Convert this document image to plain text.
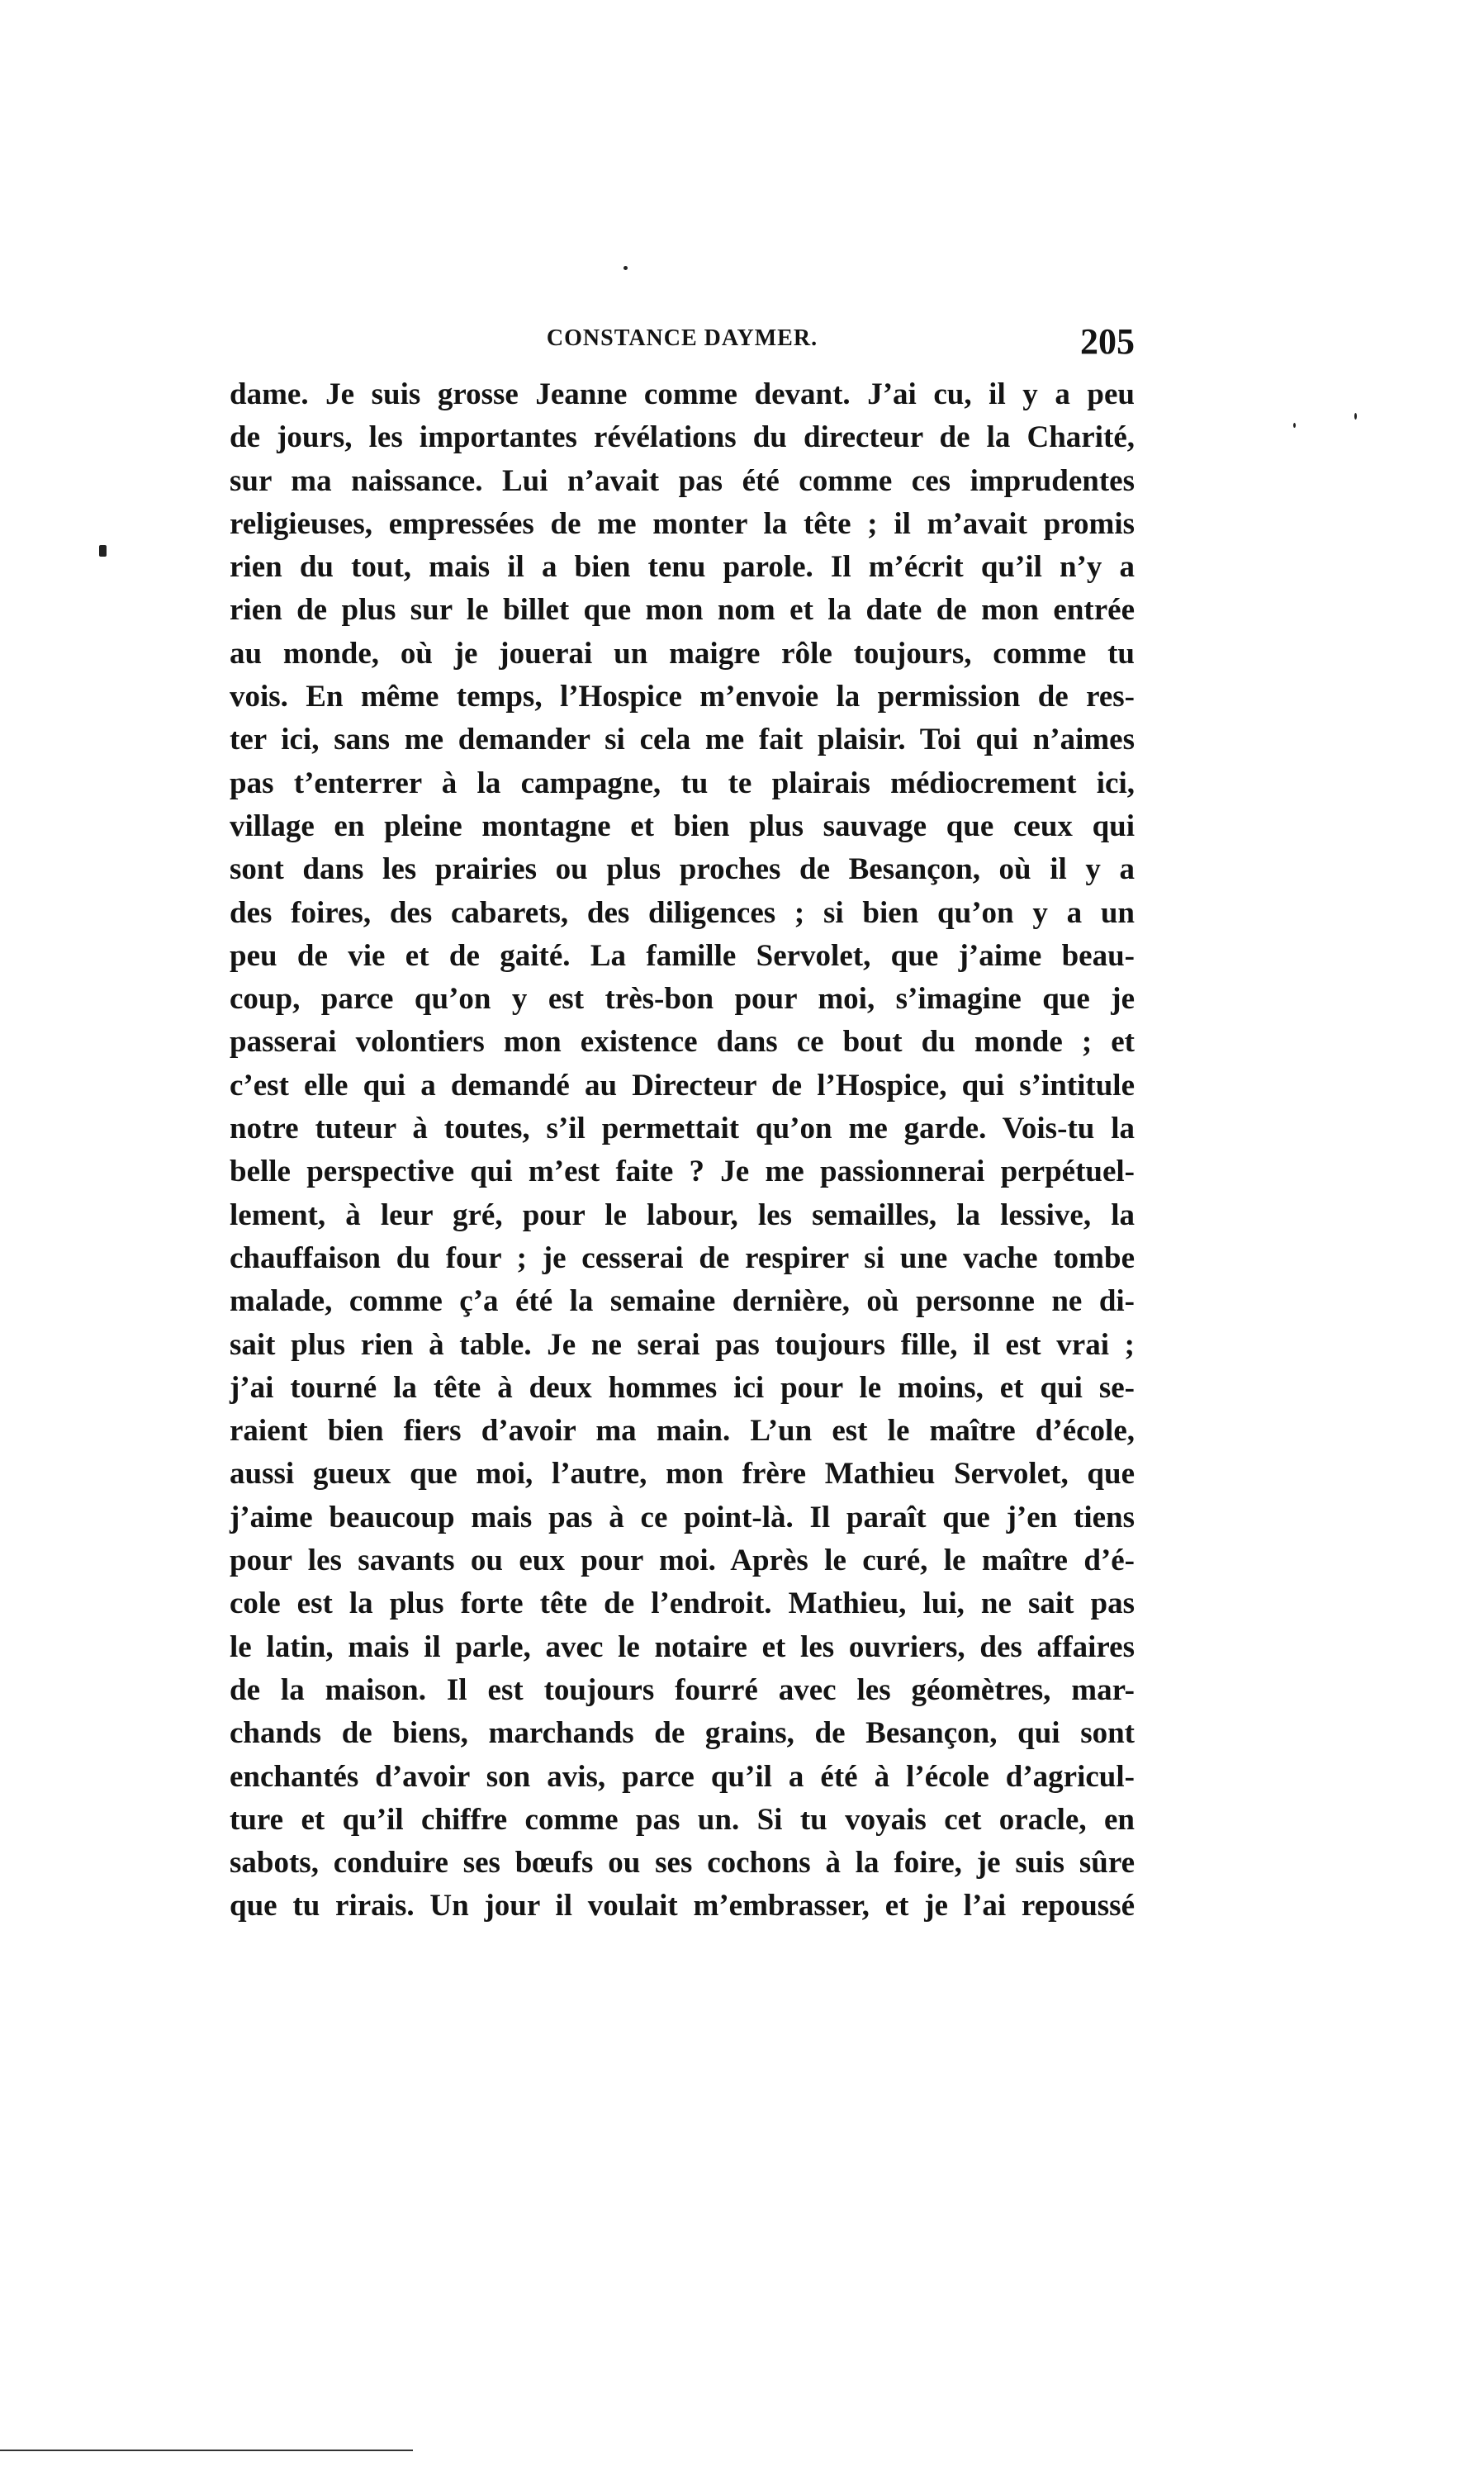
CONSTANCE DAYMER.	205
dame. Je suis grosse Jeanne comme devant. J’ai cu, il y a peu
de jours, les importantes révélations du directeur de la Charité,
sur ma naissance. Lui n’avait pas été comme ces imprudentes
religieuses, empressées de me monter la tête ; il m’avait promis
rien du tout, mais il a bien tenu parole. Il m’écrit qu’il n’y a
rien de plus sur le billet que mon nom et la date de mon entrée
au monde, où je jouerai un maigre rôle toujours, comme tu
vois. En même temps, l’Hospice m’envoie la permission de res-
ter ici, sans me demander si cela me fait plaisir. Toi qui n’aimes
pas t’enterrer à la campagne, tu te plairais médiocrement ici,
village en pleine montagne et bien plus sauvage que ceux qui
sont dans les prairies ou plus proches de Besançon, où il y a
des foires, des cabarets, des diligences ; si bien qu’on y a un
peu de vie et de gaité. La famille Servolet, que j’aime beau-
coup, parce qu’on y est très-bon pour moi, s’imagine que je
passerai volontiers mon existence dans ce bout du monde ; et
c’est elle qui a demandé au Directeur de l’Hospice, qui s’intitule
notre tuteur à toutes, s’il permettait qu’on me garde. Vois-tu la
belle perspective qui m’est faite ? Je me passionnerai perpétuel-
lement, à leur gré, pour le labour, les semailles, la lessive, la
chauffaison du four ; je cesserai de respirer si une vache tombe
malade, comme ç’a été la semaine dernière, où personne ne di-
sait plus rien à table. Je ne serai pas toujours fille, il est vrai ;
j’ai tourné la tête à deux hommes ici pour le moins, et qui se-
raient bien fiers d’avoir ma main. L’un est le maître d’école,
aussi gueux que moi, l’autre, mon frère Mathieu Servolet, que
j’aime beaucoup mais pas à ce point-là. Il paraît que j’en tiens
pour les savants ou eux pour moi. Après le curé, le maître d’é-
cole est la plus forte tête de l’endroit. Mathieu, lui, ne sait pas
le latin, mais il parle, avec le notaire et les ouvriers, des affaires
de la maison. Il est toujours fourré avec les géomètres, mar-
chands de biens, marchands de grains, de Besançon, qui sont
enchantés d’avoir son avis, parce qu’il a été à l’école d’agricul-
ture et qu’il chiffre comme pas un. Si tu voyais cet oracle, en
sabots, conduire ses bœufs ou ses cochons à la foire, je suis sûre
que tu rirais. Un jour il voulait m’embrasser, et je l’ai repoussé
